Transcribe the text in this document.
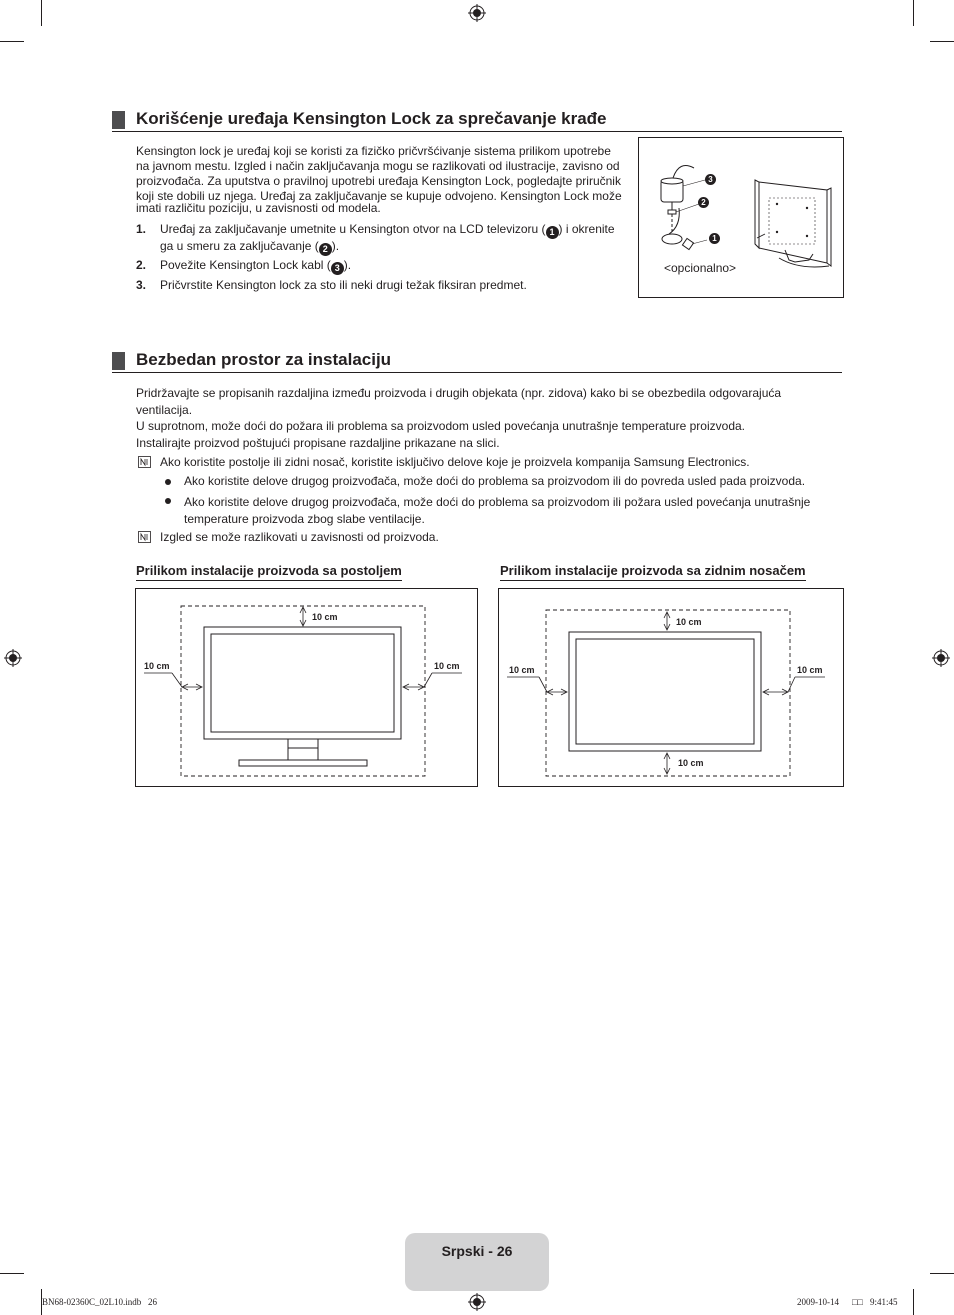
Korišćenje uređaja Kensington Lock za sprečavanje krađe
Kensington lock je uređaj koji se koristi za fizičko pričvršćivanje sistema prilikom upotrebe
na javnom mestu. Izgled i način zaključavanja mogu se razlikovati od ilustracije, zavisno od
proizvođača. Za uputstva o pravilnoj upotrebi uređaja Kensington Lock, pogledajte priručnik
koji ste dobili uz njega. Uređaj za zaključavanje se kupuje odvojeno. Kensington Lock može
imati različitu poziciju, u zavisnosti od modela.
1. Uređaj za zaključavanje umetnite u Kensington otvor na LCD televizoru ( 1 ) i okrenite
ga u smeru za zaključavanje ( 2 ).
2. Povežite Kensington Lock kabl ( 3 ).
3. Pričvrstite Kensington lock za sto ili neki drugi težak fiksiran predmet.
3
2
1
<opcionalno>
Bezbedan prostor za instalaciju
Pridržavajte se propisanih razdaljina između proizvoda i drugih objekata (npr. zidova) kako bi se obezbedila odgovarajuća
ventilacija.
U suprotnom, može doći do požara ili problema sa proizvodom usled povećanja unutrašnje temperature proizvoda.
Instalirajte proizvod poštujući propisane razdaljine prikazane na slici.
Ako koristite postolje ili zidni nosač, koristite isključivo delove koje je proizvela kompanija Samsung Electronics.
Ako koristite delove drugog proizvođača, može doći do problema sa proizvodom ili do povreda usled pada proizvoda.
Ako koristite delove drugog proizvođača, može doći do problema sa proizvodom ili požara usled povećanja unutrašnje
temperature proizvoda zbog slabe ventilacije.
Izgled se može razlikovati u zavisnosti od proizvoda.
Prilikom instalacije proizvoda sa postoljem	Prilikom instalacije proizvoda sa zidnim nosačem
10 cm
10 cm	10 cm
10 cm
10 cm	10 cm
10 cm
Srpski - 26
BN68-02360C_02L10.indb   26	2009-10-14 □□ 9:41:45
